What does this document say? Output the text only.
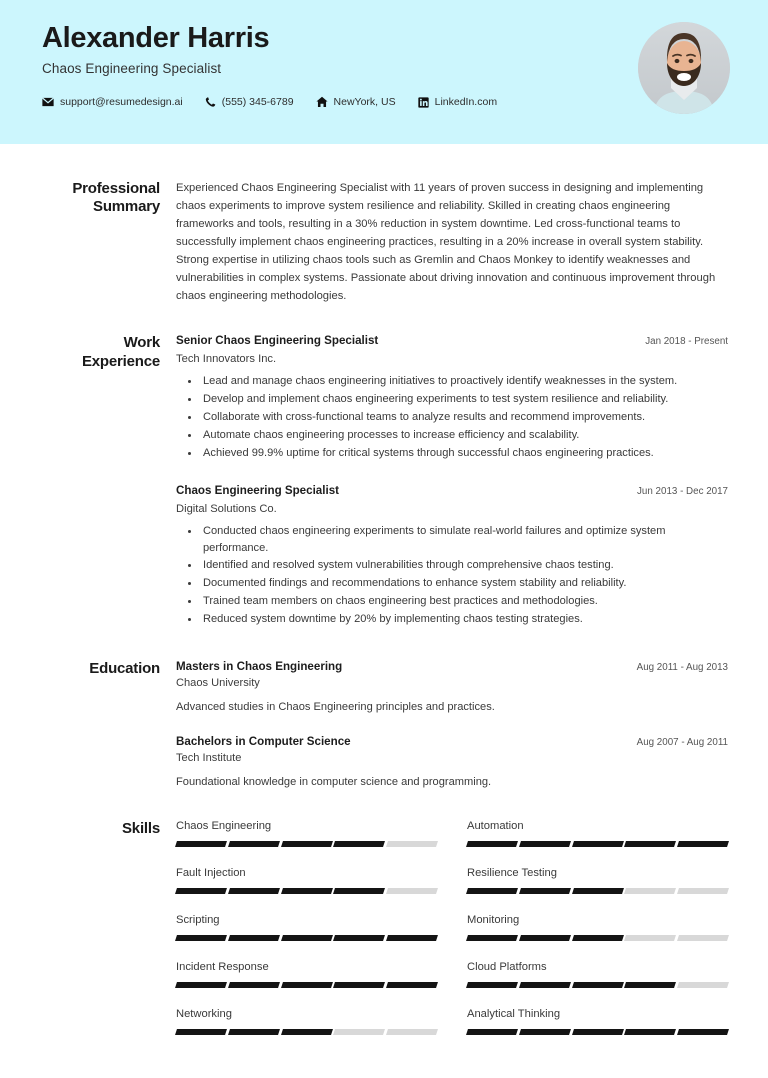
Alexander Harris
Chaos Engineering Specialist
support@resumedesign.ai	(555) 345-6789	NewYork, US	LinkedIn.com
Professional Summary
Experienced Chaos Engineering Specialist with 11 years of proven success in designing and implementing chaos experiments to improve system resilience and reliability. Skilled in creating chaos engineering frameworks and tools, resulting in a 30% reduction in system downtime. Led cross-functional teams to successfully implement chaos engineering practices, resulting in a 20% increase in overall system stability. Strong expertise in utilizing chaos tools such as Gremlin and Chaos Monkey to identify weaknesses and vulnerabilities in complex systems. Passionate about driving innovation and continuous improvement through chaos engineering methodologies.
Work Experience
Senior Chaos Engineering Specialist	Jan 2018 - Present
Tech Innovators Inc.
• Lead and manage chaos engineering initiatives to proactively identify weaknesses in the system.
• Develop and implement chaos engineering experiments to test system resilience and reliability.
• Collaborate with cross-functional teams to analyze results and recommend improvements.
• Automate chaos engineering processes to increase efficiency and scalability.
• Achieved 99.9% uptime for critical systems through successful chaos engineering practices.
Chaos Engineering Specialist	Jun 2013 - Dec 2017
Digital Solutions Co.
• Conducted chaos engineering experiments to simulate real-world failures and optimize system performance.
• Identified and resolved system vulnerabilities through comprehensive chaos testing.
• Documented findings and recommendations to enhance system stability and reliability.
• Trained team members on chaos engineering best practices and methodologies.
• Reduced system downtime by 20% by implementing chaos testing strategies.
Education	Masters in Chaos Engineering	Aug 2011 - Aug 2013
Chaos University
Advanced studies in Chaos Engineering principles and practices.
Bachelors in Computer Science	Aug 2007 - Aug 2011
Tech Institute
Foundational knowledge in computer science and programming.
Skills	Chaos Engineering	Automation
Fault Injection	Resilience Testing
Scripting	Monitoring
Incident Response	Cloud Platforms
Networking	Analytical Thinking
